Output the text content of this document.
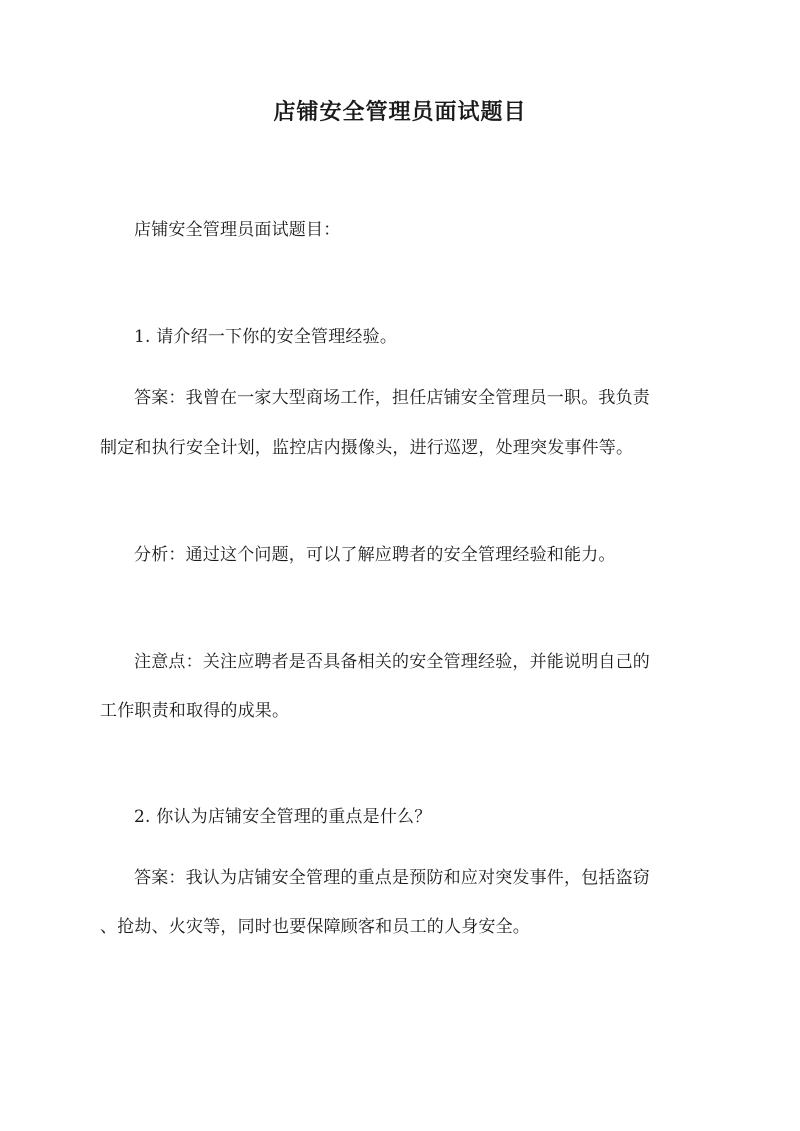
店铺安全管理员面试题目
店铺安全管理员面试题目：
1. 请介绍一下你的安全管理经验。
答案：我曾在一家大型商场工作，担任店铺安全管理员一职。我负责
制定和执行安全计划，监控店内摄像头，进行巡逻，处理突发事件等。
分析：通过这个问题，可以了解应聘者的安全管理经验和能力。
注意点：关注应聘者是否具备相关的安全管理经验，并能说明自己的
工作职责和取得的成果。
2. 你认为店铺安全管理的重点是什么？
答案：我认为店铺安全管理的重点是预防和应对突发事件，包括盗窃
、抢劫、火灾等，同时也要保障顾客和员工的人身安全。
